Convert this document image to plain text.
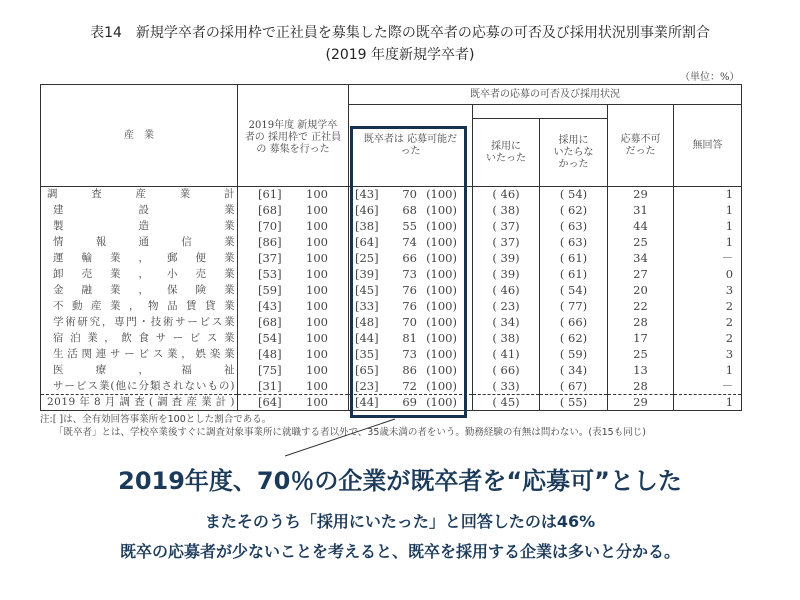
表14　新規学卒者の採用枠で正社員を募集した際の既卒者の応募の可否及び採用状況別事業所割合
(2019 年度新規学卒者)
（単位：%）
産　業	2019年度 新規学卒者の 採用枠で 正社員の 募集を行った	既卒者の応募の可否及び採用状況				
		既卒者は 応募可能だった			応募不可 だった	無回答
			採用に いたった	採用に いたらな かった		
調査産業計	[61] 100	[43] 70 (100)	( 46)	( 54)	29	1
建設業	[68] 100	[46] 68 (100)	( 38)	( 62)	31	1
製造業	[70] 100	[38] 55 (100)	( 37)	( 63)	44	1
情報通信業	[86] 100	[64] 74 (100)	( 37)	( 63)	25	1
運輸業，郵便業	[37] 100	[25] 66 (100)	( 39)	( 61)	34	－
卸売業，小売業	[53] 100	[39] 73 (100)	( 39)	( 61)	27	0
金融業，保険業	[59] 100	[45] 76 (100)	( 46)	( 54)	20	3
不動産業，物品賃貸業	[43] 100	[33] 76 (100)	( 23)	( 77)	22	2
学術研究，専門・技術サービス業	[68] 100	[48] 70 (100)	( 34)	( 66)	28	2
宿泊業，飲食サービス業	[54] 100	[44] 81 (100)	( 38)	( 62)	17	2
生活関連サービス業，娯楽業	[48] 100	[35] 73 (100)	( 41)	( 59)	25	3
医療，福祉	[75] 100	[65] 86 (100)	( 66)	( 34)	13	1
サービス業(他に分類されないもの)	[31] 100	[23] 72 (100)	( 33)	( 67)	28	－
2019年8月調査(調査産業計)	[64] 100	[44] 69 (100)	( 45)	( 55)	29	1
注:[ ]は、全有効回答事業所を100とした割合である。
「既卒者」とは、学校卒業後すぐに調査対象事業所に就職する者以外で、35歳未満の者をいう。勤務経験の有無は問わない。(表15も同じ)
2019年度、70％の企業が既卒者を“応募可”とした
またそのうち「採用にいたった」と回答したのは46%
既卒の応募者が少ないことを考えると、既卒を採用する企業は多いと分かる。
